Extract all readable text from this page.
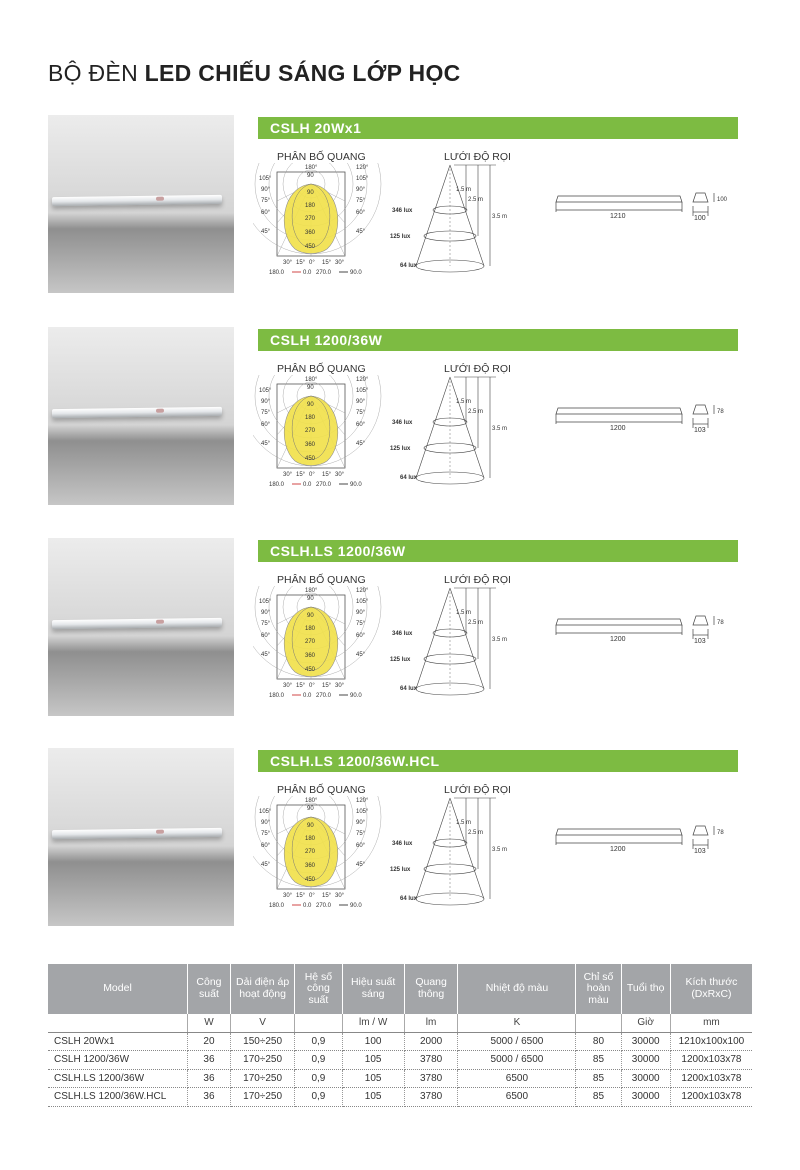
BỘ ĐÈN LED CHIẾU SÁNG LỚP HỌC
CSLH 20Wx1
PHÂN BỐ QUANG	LƯỚI ĐỘ RỌI
180°	120°
105°
90°
75°
60°
45°
105°
90°
75°
60°
45°
90
90
180
270
360
450
30° 15° 0° 15° 30°
180.0	0.0 270.0	90.0
1.5 m
2.5 m
3.5 m
346 lux
125 lux
64 lux
1210	100
100
CSLH 1200/36W
PHÂN BỐ QUANG	LƯỚI ĐỘ RỌI
180°	120°
105°
90°
75°
60°
45°
105°
90°
75°
60°
45°
90
90
180
270
360
450
30° 15° 0° 15° 30°
180.0	0.0 270.0	90.0
1.5 m
2.5 m
3.5 m
346 lux
125 lux
64 lux
1200	103
78
CSLH.LS 1200/36W
PHÂN BỐ QUANG	LƯỚI ĐỘ RỌI
180°	120°
105°
90°
75°
60°
45°
105°
90°
75°
60°
45°
90
90
180
270
360
450
30° 15° 0° 15° 30°
180.0	0.0 270.0	90.0
1.5 m
2.5 m
3.5 m
346 lux
125 lux
64 lux
1200	103
78
CSLH.LS 1200/36W.HCL
PHÂN BỐ QUANG	LƯỚI ĐỘ RỌI
180°	120°
105°
90°
75°
60°
45°
105°
90°
75°
60°
45°
90
90
180
270
360
450
30° 15° 0° 15° 30°
180.0	0.0 270.0	90.0
1.5 m
2.5 m
3.5 m
346 lux
125 lux
64 lux
1200	103
78
Model	Công suất	Dải điện áp hoạt động	Hệ số công suất	Hiệu suất sáng	Quang thông	Nhiệt độ màu	Chỉ số hoàn màu	Tuổi thọ	Kích thước (DxRxC)
	W	V		lm / W	lm	K		Giờ	mm
CSLH 20Wx1	20	150÷250	0,9	100	2000	5000 / 6500	80	30000	1210x100x100
CSLH 1200/36W	36	170÷250	0,9	105	3780	5000 / 6500	85	30000	1200x103x78
CSLH.LS 1200/36W	36	170÷250	0,9	105	3780	6500	85	30000	1200x103x78
CSLH.LS 1200/36W.HCL	36	170÷250	0,9	105	3780	6500	85	30000	1200x103x78
